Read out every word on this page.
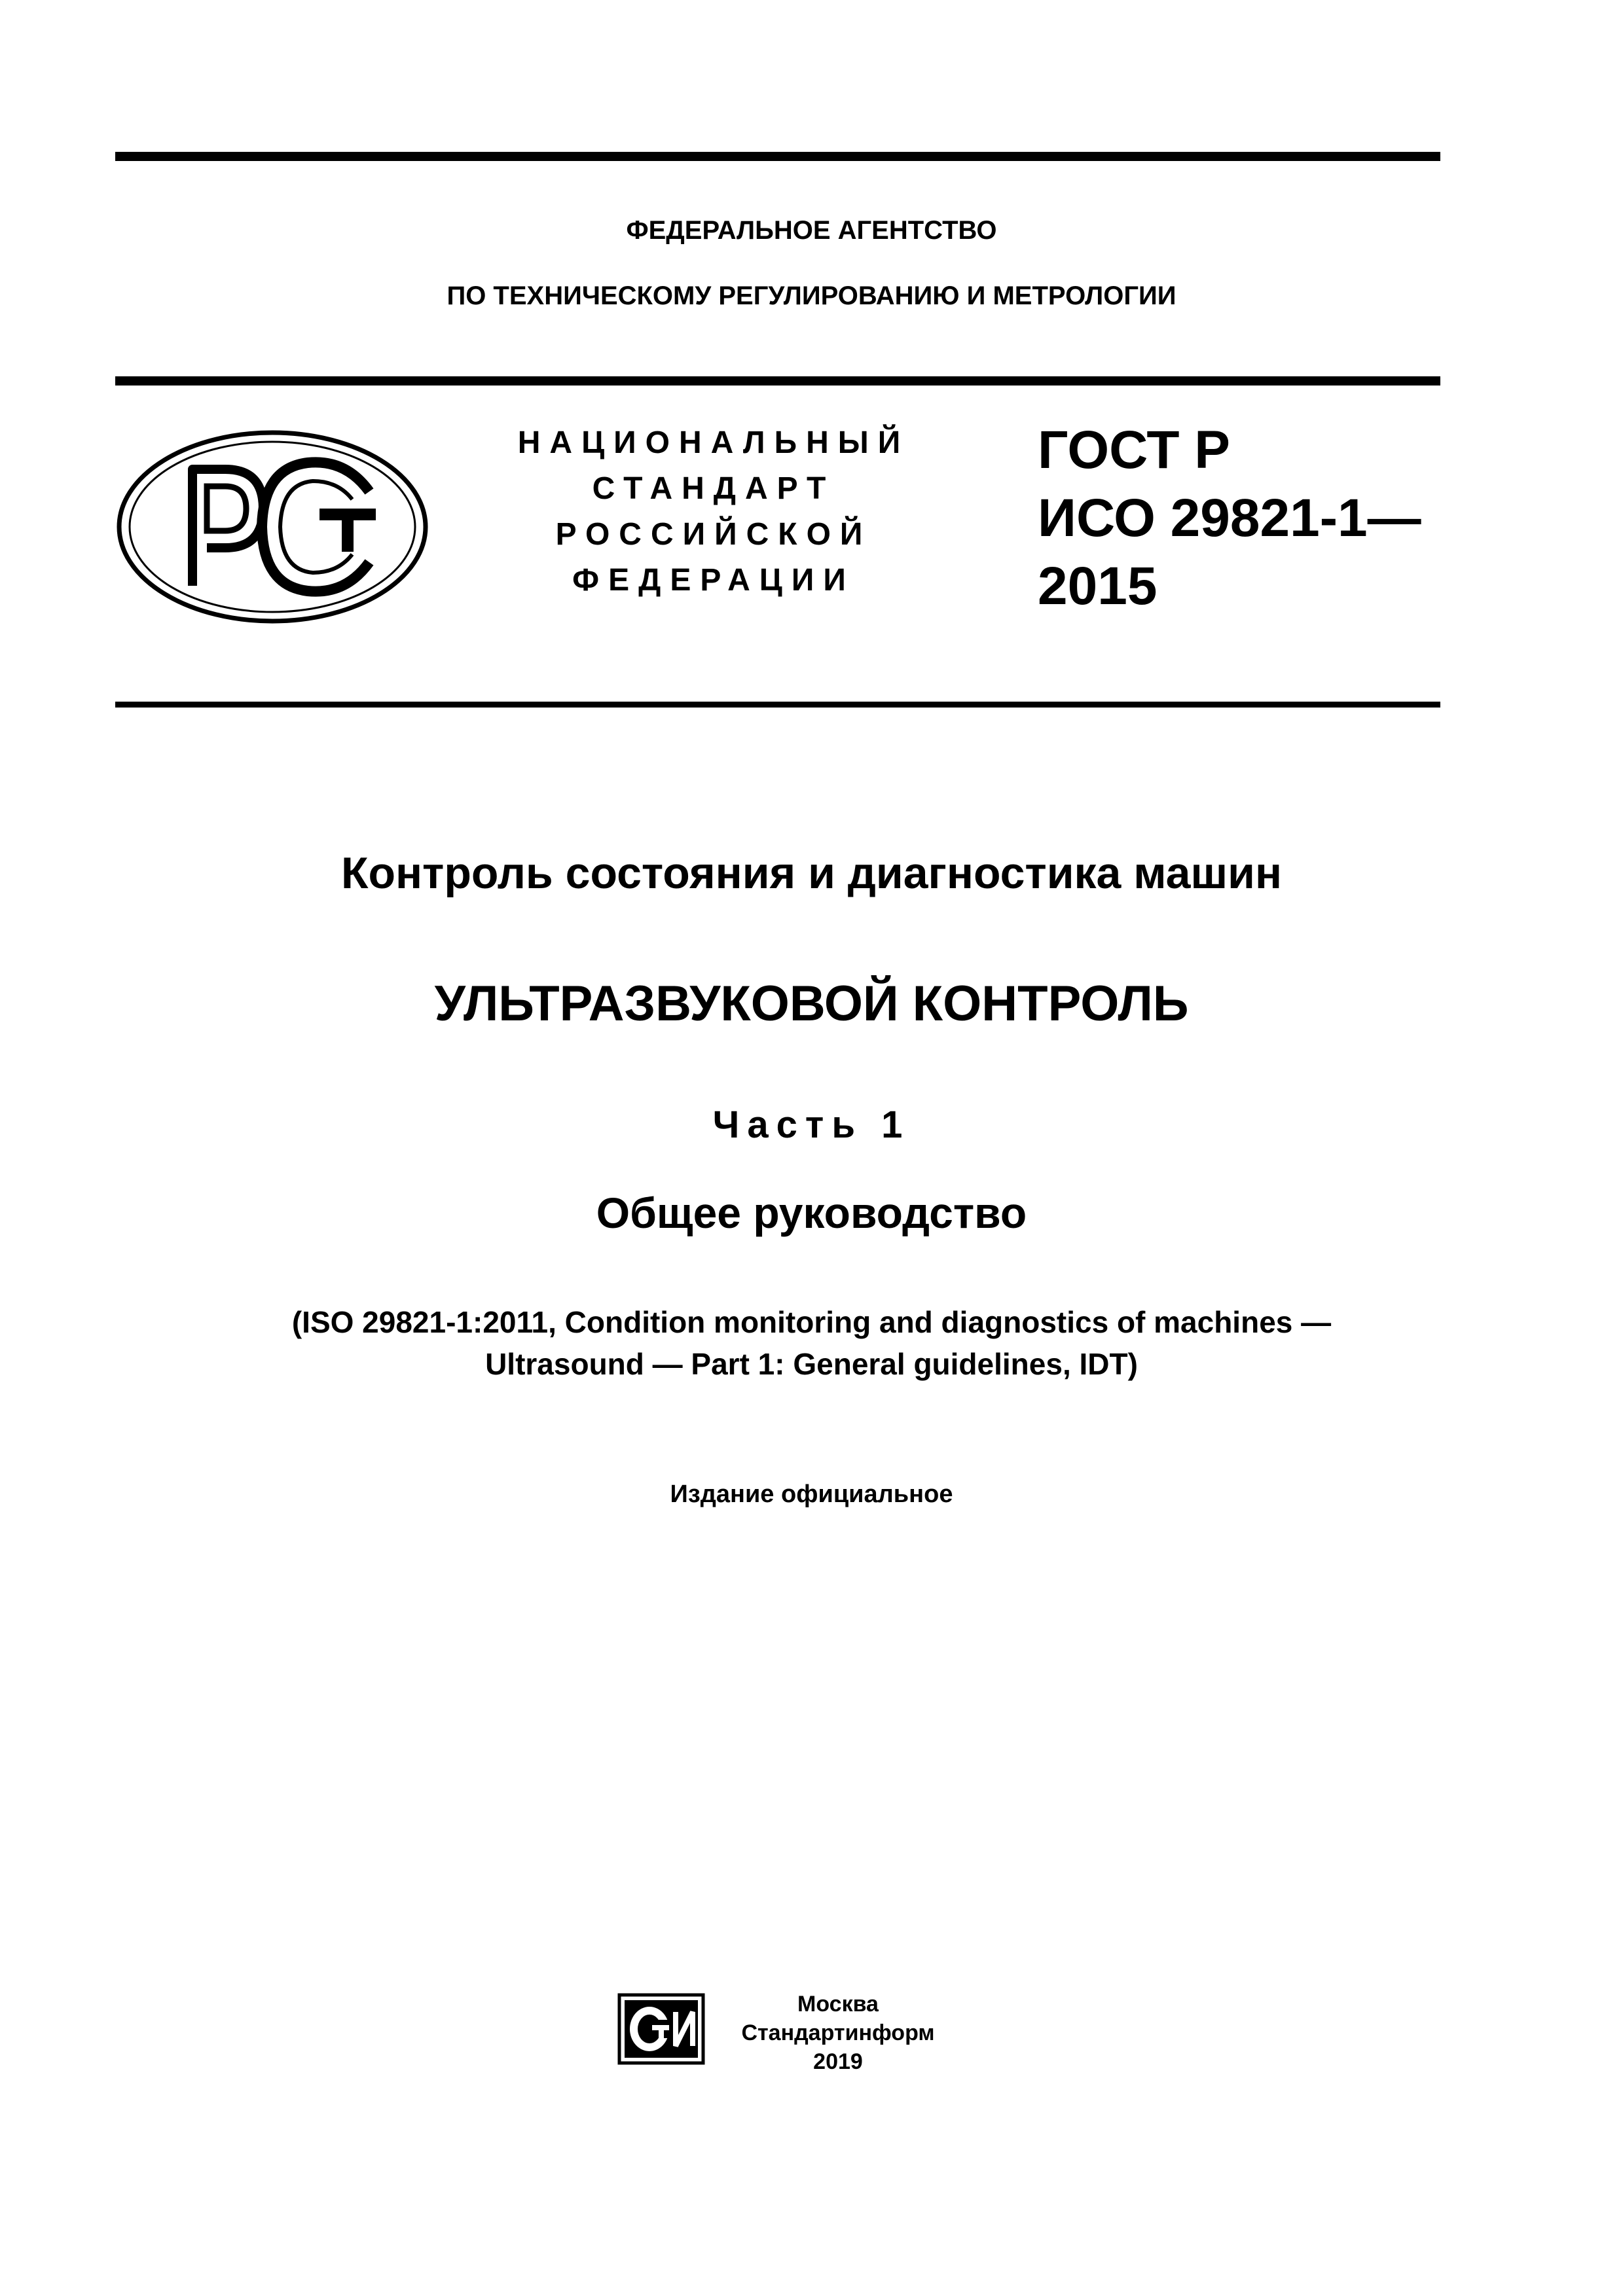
ФЕДЕРАЛЬНОЕ АГЕНТСТВО
ПО ТЕХНИЧЕСКОМУ РЕГУЛИРОВАНИЮ И МЕТРОЛОГИИ
НАЦИОНАЛЬНЫЙ
СТАНДАРТ
РОССИЙСКОЙ
ФЕДЕРАЦИИ
ГОСТ Р
ИСО 29821-1—
2015
Контроль состояния и диагностика машин
УЛЬТРАЗВУКОВОЙ КОНТРОЛЬ
Часть 1
Общее руководство
(ISO 29821-1:2011, Condition monitoring and diagnostics of machines —
Ultrasound — Part 1: General guidelines, IDT)
Издание официальное
Москва
Стандартинформ
2019
